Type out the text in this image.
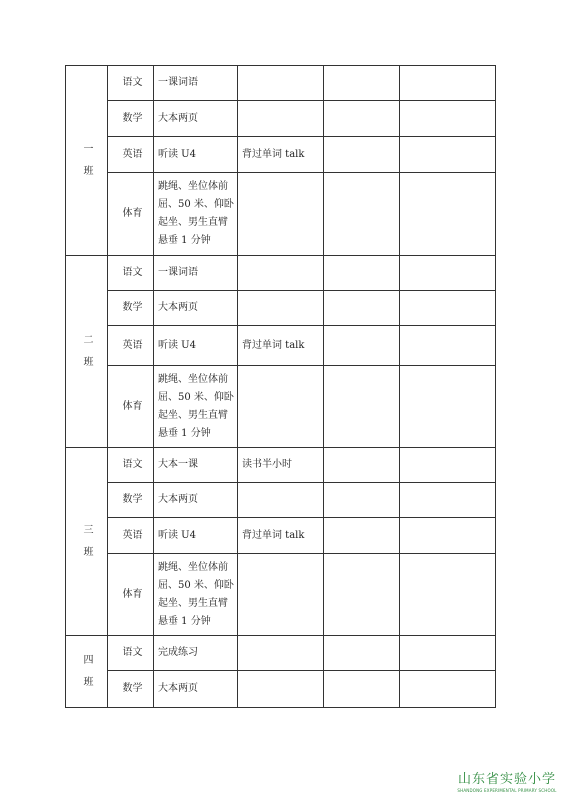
一
班	语文	一课词语			
	数学	大本两页			
	英语	听读 U4	背过单词 talk		
	体育	跳绳、坐位体前屈、50 米、仰卧起坐、男生直臂悬垂 1 分钟			

二
班	语文	一课词语			
	数学	大本两页			
	英语	听读 U4	背过单词 talk		
	体育	跳绳、坐位体前屈、50 米、仰卧起坐、男生直臂悬垂 1 分钟			

三
班	语文	大本一课	读书半小时		
	数学	大本两页			
	英语	听读 U4	背过单词 talk		
	体育	跳绳、坐位体前屈、50 米、仰卧起坐、男生直臂悬垂 1 分钟			

四
班	语文	完成练习			
	数学	大本两页			
山东省实验小学
SHANDONG EXPERIMENTAL PRIMARY SCHOOL
